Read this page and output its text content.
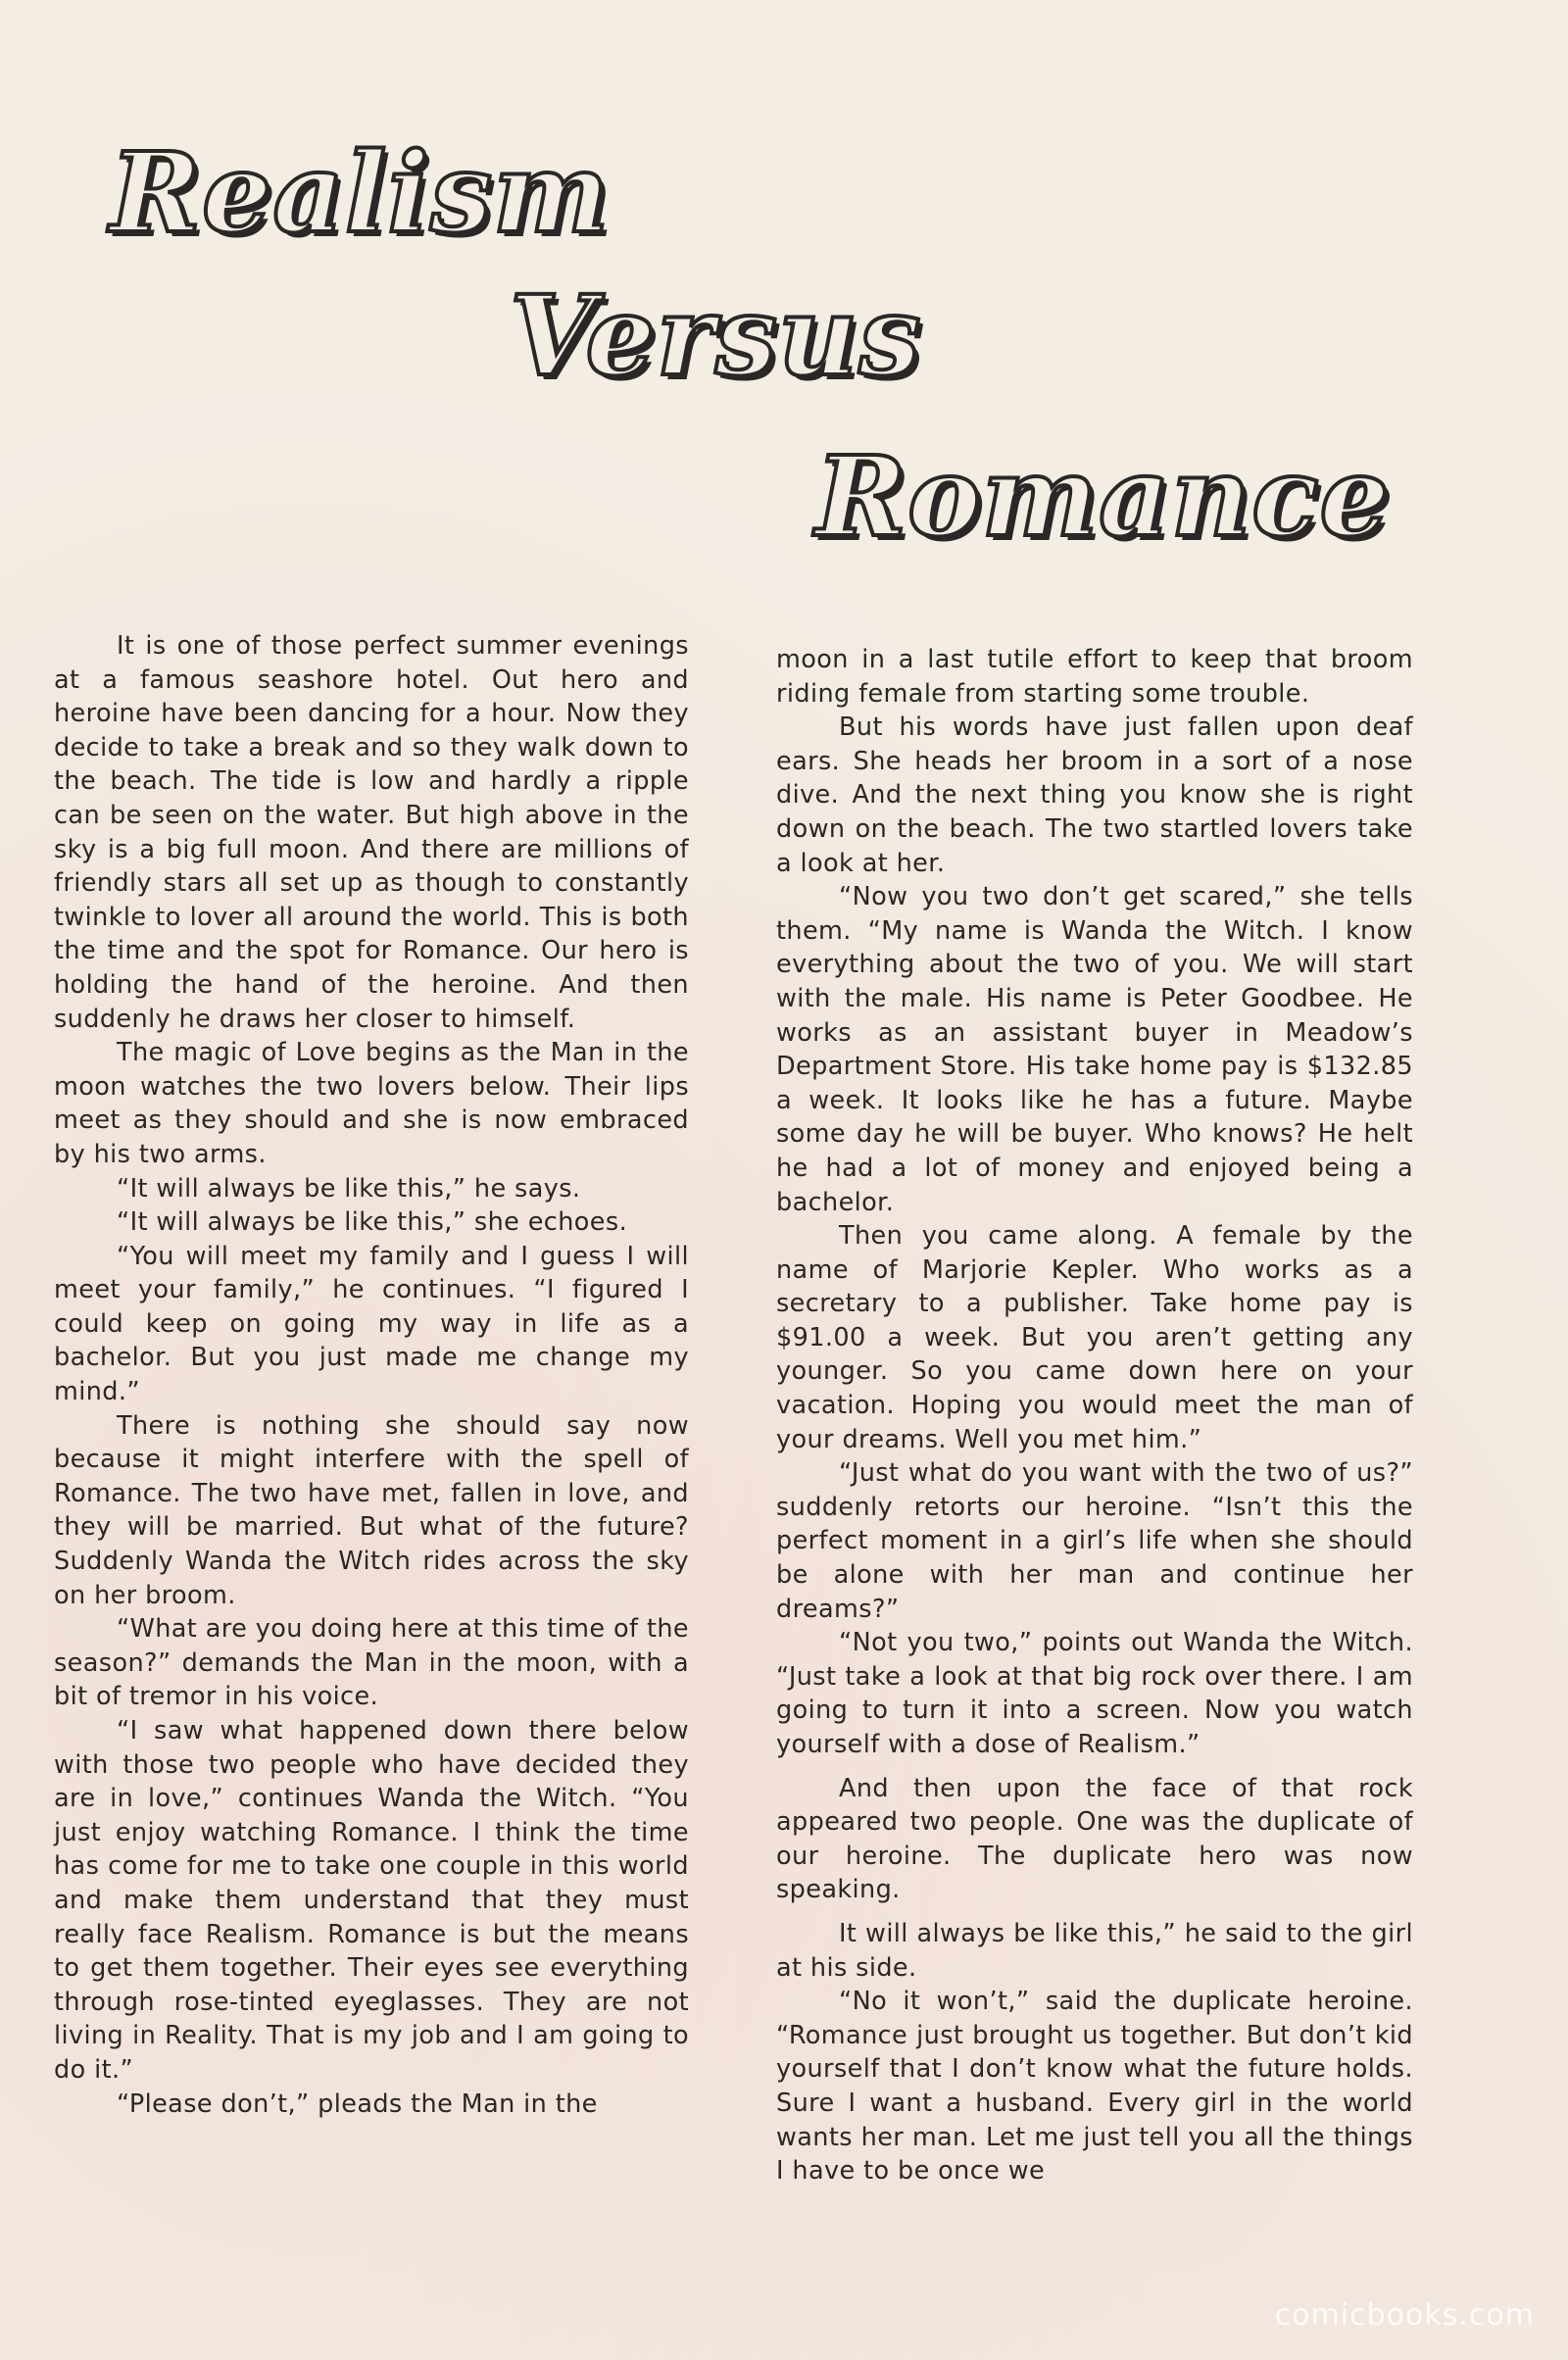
Realism
Versus
Romance

It is one of those perfect summer evenings at a famous seashore hotel. Out hero and heroine have been dancing for a hour. Now they decide to take a break and so they walk down to the beach. The tide is low and hardly a ripple can be seen on the water. But high above in the sky is a big full moon. And there are millions of friendly stars all set up as though to constantly twinkle to lover all around the world. This is both the time and the spot for Romance. Our hero is holding the hand of the heroine. And then suddenly he draws her closer to himself.

The magic of Love begins as the Man in the moon watches the two lovers below. Their lips meet as they should and she is now embraced by his two arms.

“It will always be like this,” he says.

“It will always be like this,” she echoes.

“You will meet my family and I guess I will meet your family,” he continues. “I figured I could keep on going my way in life as a bachelor. But you just made me change my mind.”

There is nothing she should say now because it might interfere with the spell of Romance. The two have met, fallen in love, and they will be married. But what of the future? Suddenly Wanda the Witch rides across the sky on her broom.

“What are you doing here at this time of the season?” demands the Man in the moon, with a bit of tremor in his voice.

“I saw what happened down there below with those two people who have decided they are in love,” continues Wanda the Witch. “You just enjoy watching Romance. I think the time has come for me to take one couple in this world and make them understand that they must really face Realism. Romance is but the means to get them together. Their eyes see everything through rose-tinted eyeglasses. They are not living in Reality. That is my job and I am going to do it.”

“Please don’t,” pleads the Man in the

moon in a last tutile effort to keep that broom riding female from starting some trouble.

But his words have just fallen upon deaf ears. She heads her broom in a sort of a nose dive. And the next thing you know she is right down on the beach. The two startled lovers take a look at her.

“Now you two don’t get scared,” she tells them. “My name is Wanda the Witch. I know everything about the two of you. We will start with the male. His name is Peter Goodbee. He works as an assistant buyer in Meadow’s Department Store. His take home pay is $132.85 a week. It looks like he has a future. Maybe some day he will be buyer. Who knows? He helt he had a lot of money and enjoyed being a bachelor.

Then you came along. A female by the name of Marjorie Kepler. Who works as a secretary to a publisher. Take home pay is $91.00 a week. But you aren’t getting any younger. So you came down here on your vacation. Hoping you would meet the man of your dreams. Well you met him.”

“Just what do you want with the two of us?” suddenly retorts our heroine. “Isn’t this the perfect moment in a girl’s life when she should be alone with her man and continue her dreams?”

“Not you two,” points out Wanda the Witch. “Just take a look at that big rock over there. I am going to turn it into a screen. Now you watch yourself with a dose of Realism.”

And then upon the face of that rock appeared two people. One was the duplicate of our heroine. The duplicate hero was now speaking.

It will always be like this,” he said to the girl at his side.

“No it won’t,” said the duplicate heroine. “Romance just brought us together. But don’t kid yourself that I don’t know what the future holds. Sure I want a husband. Every girl in the world wants her man. Let me just tell you all the things I have to be once we

comicbooks.com
